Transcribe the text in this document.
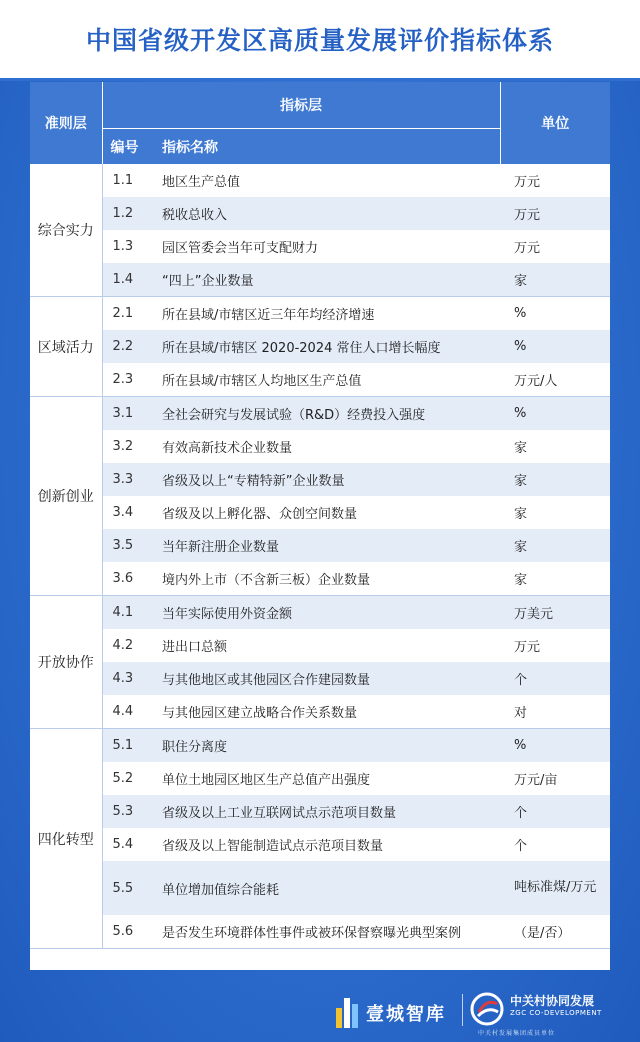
中国省级开发区高质量发展评价指标体系
准则层	指标层		单位
	编号	指标名称	
综合实力	1.1	地区生产总值	万元
	1.2	税收总收入	万元
	1.3	园区管委会当年可支配财力	万元
	1.4	“四上”企业数量	家
区域活力	2.1	所在县域/市辖区近三年年均经济增速	%
	2.2	所在县域/市辖区 2020-2024 常住人口增长幅度	%
	2.3	所在县域/市辖区人均地区生产总值	万元/人
创新创业	3.1	全社会研究与发展试验（R&D）经费投入强度	%
	3.2	有效高新技术企业数量	家
	3.3	省级及以上“专精特新”企业数量	家
	3.4	省级及以上孵化器、众创空间数量	家
	3.5	当年新注册企业数量	家
	3.6	境内外上市（不含新三板）企业数量	家
开放协作	4.1	当年实际使用外资金额	万美元
	4.2	进出口总额	万元
	4.3	与其他地区或其他园区合作建园数量	个
	4.4	与其他园区建立战略合作关系数量	对
四化转型	5.1	职住分离度	%
	5.2	单位土地园区地区生产总值产出强度	万元/亩
	5.3	省级及以上工业互联网试点示范项目数量	个
	5.4	省级及以上智能制造试点示范项目数量	个
	5.5	单位增加值综合能耗	吨标准煤/万元
	5.6	是否发生环境群体性事件或被环保督察曝光典型案例	（是/否）
壹城智库
中关村协同发展
ZGC CO-DEVELOPMENT
中关村发展集团成员单位
